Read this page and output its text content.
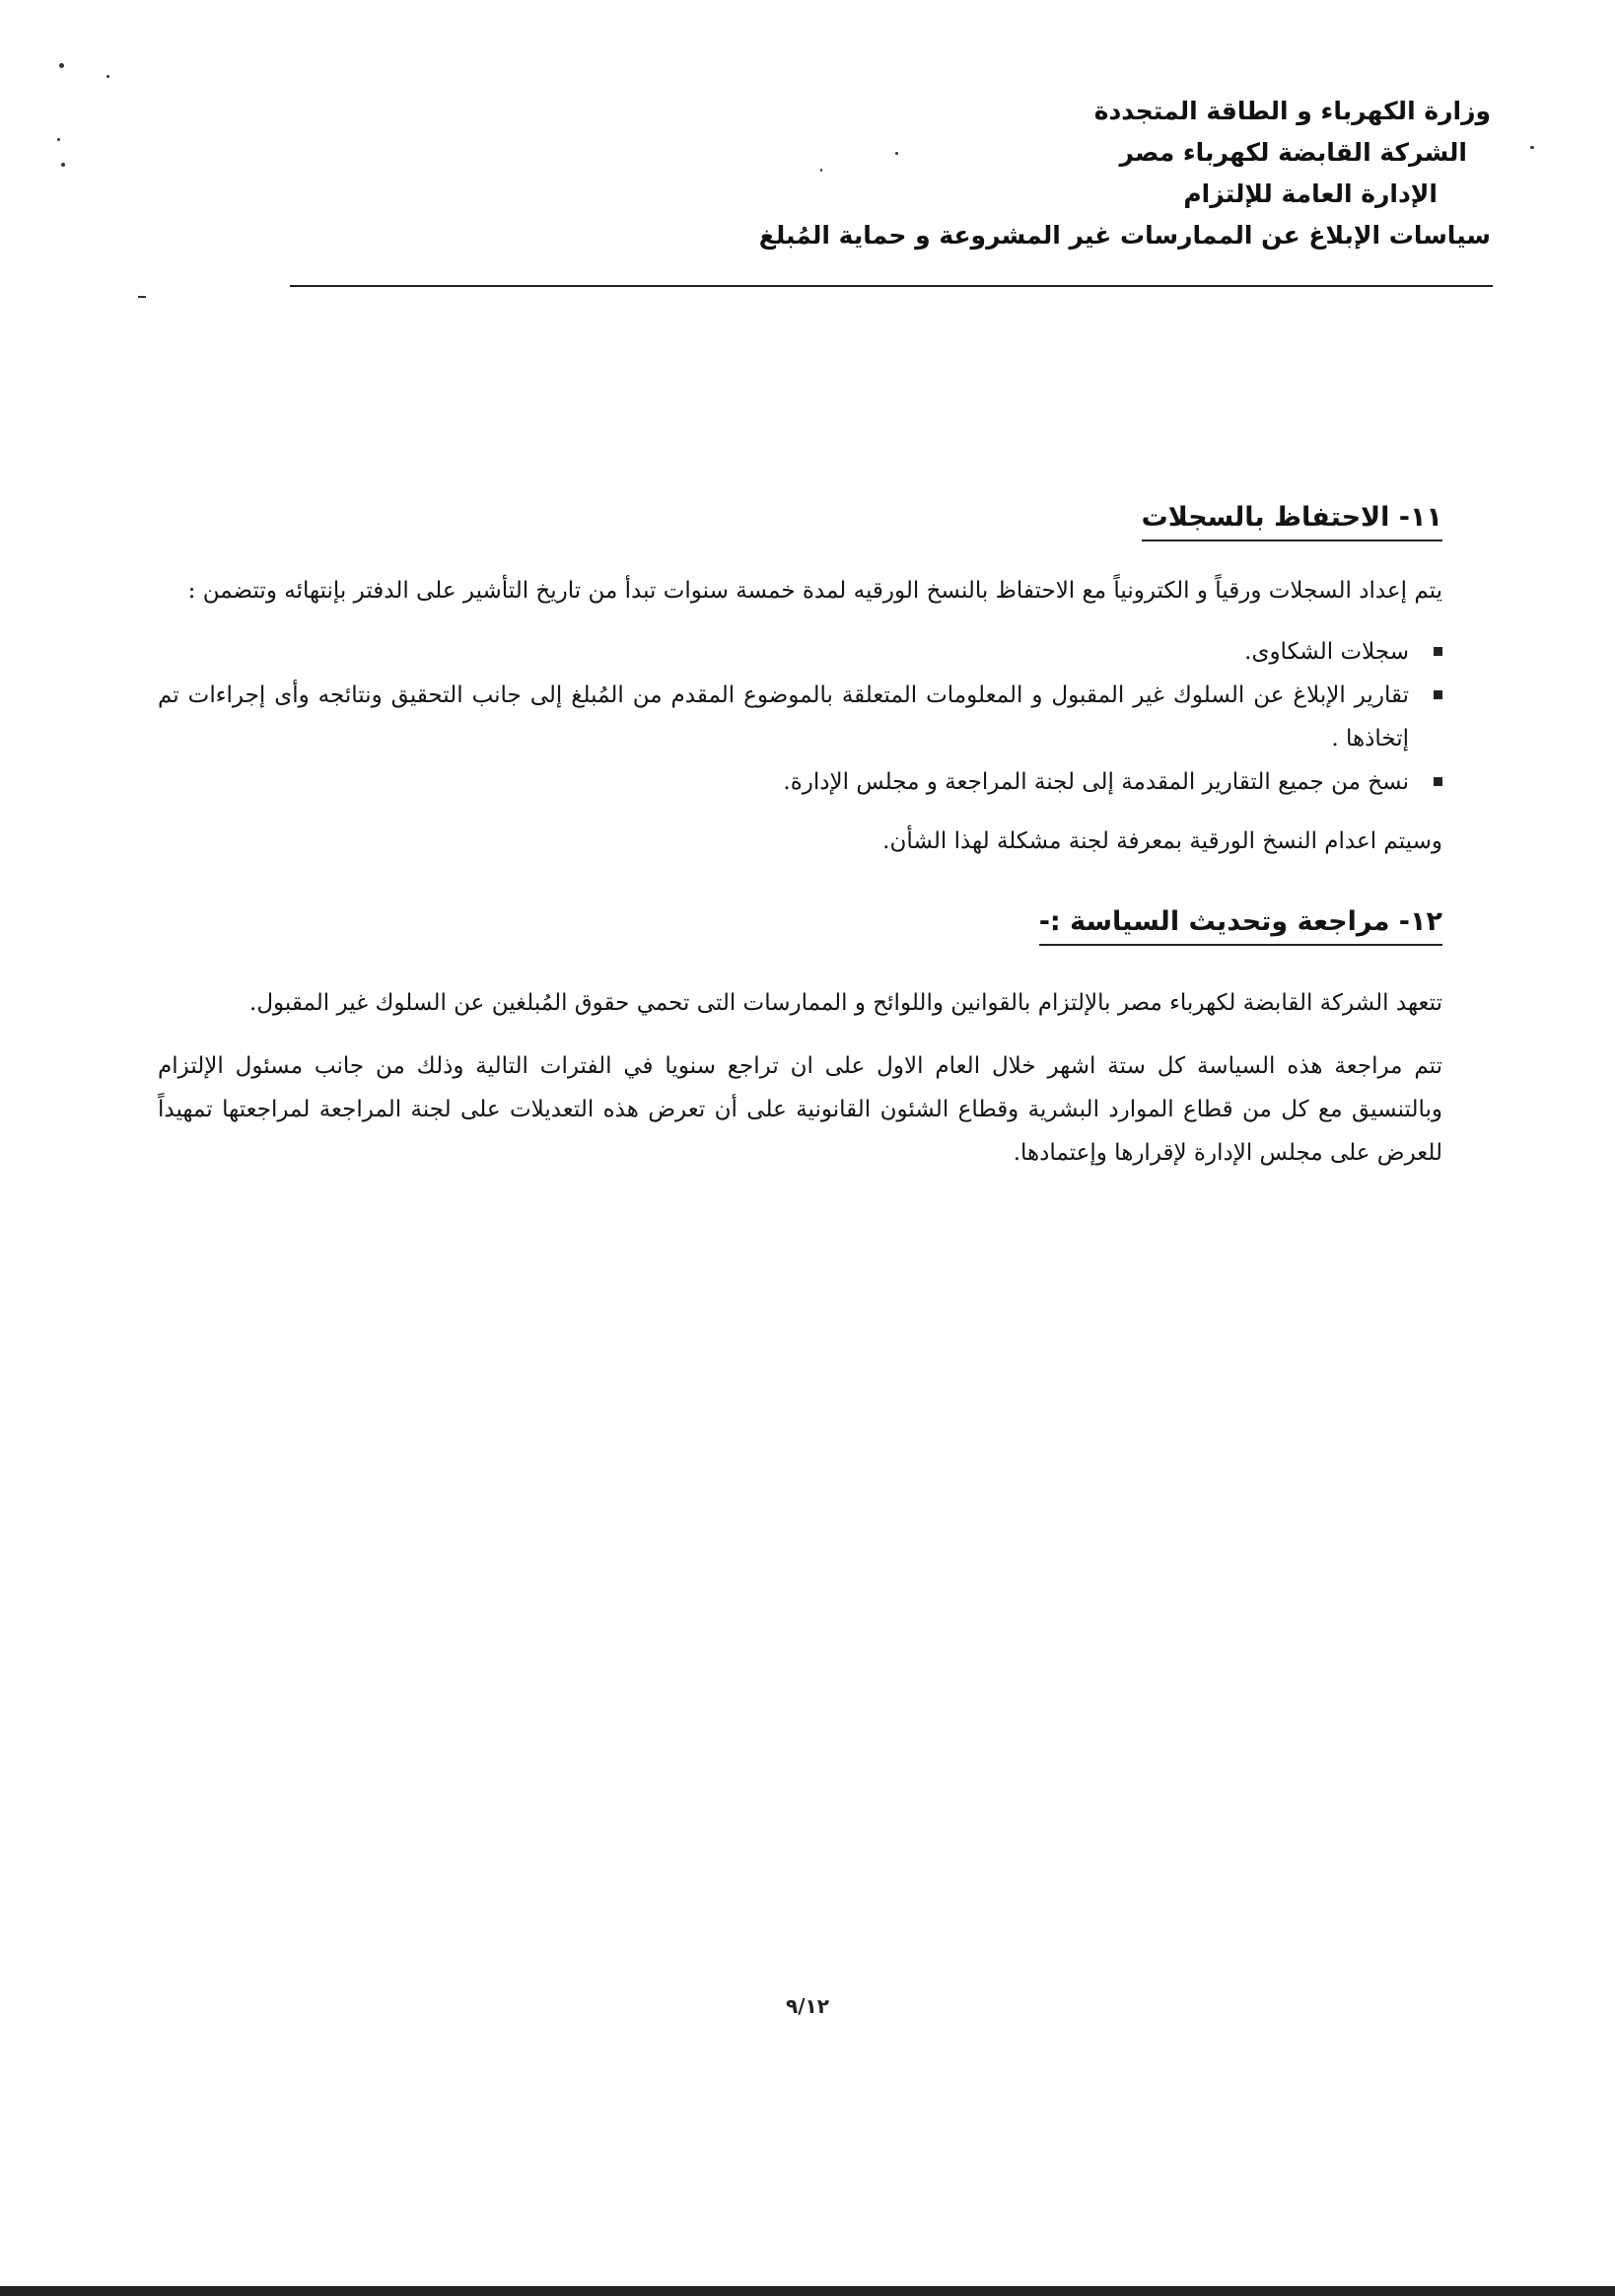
وزارة الكهرباء و الطاقة المتجددة
الشركة القابضة لكهرباء مصر
الإدارة العامة للإلتزام
سياسات الإبلاغ عن الممارسات غير المشروعة و حماية المُبلغ
١١- الاحتفاظ بالسجلات

يتم إعداد السجلات ورقياً و الكترونياً مع الاحتفاظ بالنسخ الورقيه لمدة خمسة سنوات تبدأ من تاريخ التأشير على الدفتر بإنتهائه وتتضمن :

سجلات الشكاوى.
تقارير الإبلاغ عن السلوك غير المقبول و المعلومات المتعلقة بالموضوع المقدم من المُبلغ إلى جانب التحقيق ونتائجه وأى إجراءات تم إتخاذها .
نسخ من جميع التقارير المقدمة إلى لجنة المراجعة و مجلس الإدارة.

وسيتم اعدام النسخ الورقية بمعرفة لجنة مشكلة لهذا الشأن.

١٢- مراجعة وتحديث السياسة :-

تتعهد الشركة القابضة لكهرباء مصر بالإلتزام بالقوانين واللوائح و الممارسات التى تحمي حقوق المُبلغين عن السلوك غير المقبول.

تتم مراجعة هذه السياسة كل ستة اشهر خلال العام الاول على ان تراجع سنويا في الفترات التالية وذلك من جانب مسئول الإلتزام وبالتنسيق مع كل من قطاع الموارد البشرية وقطاع الشئون القانونية على أن تعرض هذه التعديلات على لجنة المراجعة لمراجعتها تمهيداً للعرض على مجلس الإدارة لإقرارها وإعتمادها.

٩/١٢
